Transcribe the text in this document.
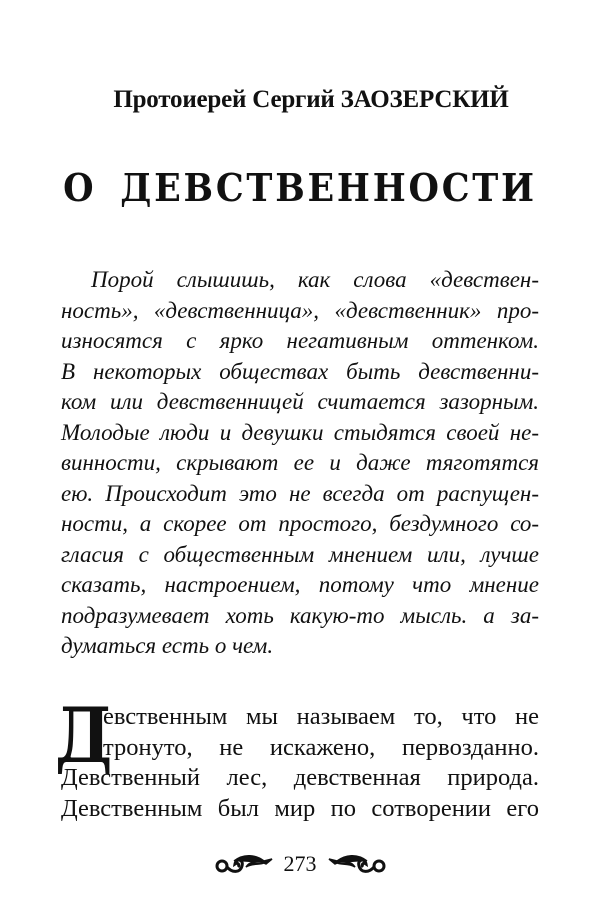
Протоиерей Сергий ЗАОЗЕРСКИЙ
О ДЕВСТВЕННОСТИ
Порой слышишь, как слова «девствен-
ность», «девственница», «девственник» про-
износятся с ярко негативным оттенком.
В некоторых обществах быть девственни-
ком или девственницей считается зазорным.
Молодые люди и девушки стыдятся своей не-
винности, скрывают ее и даже тяготятся
ею. Происходит это не всегда от распущен-
ности, а скорее от простого, бездумного со-
гласия с общественным мнением или, лучше
сказать, настроением, потому что мнение
подразумевает хоть какую-то мысль. а за-
думаться есть о чем.
Д
евственным мы называем то, что не
тронуто, не искажено, первозданно.
Девственный лес, девственная природа.
Девственным был мир по сотворении его
273
